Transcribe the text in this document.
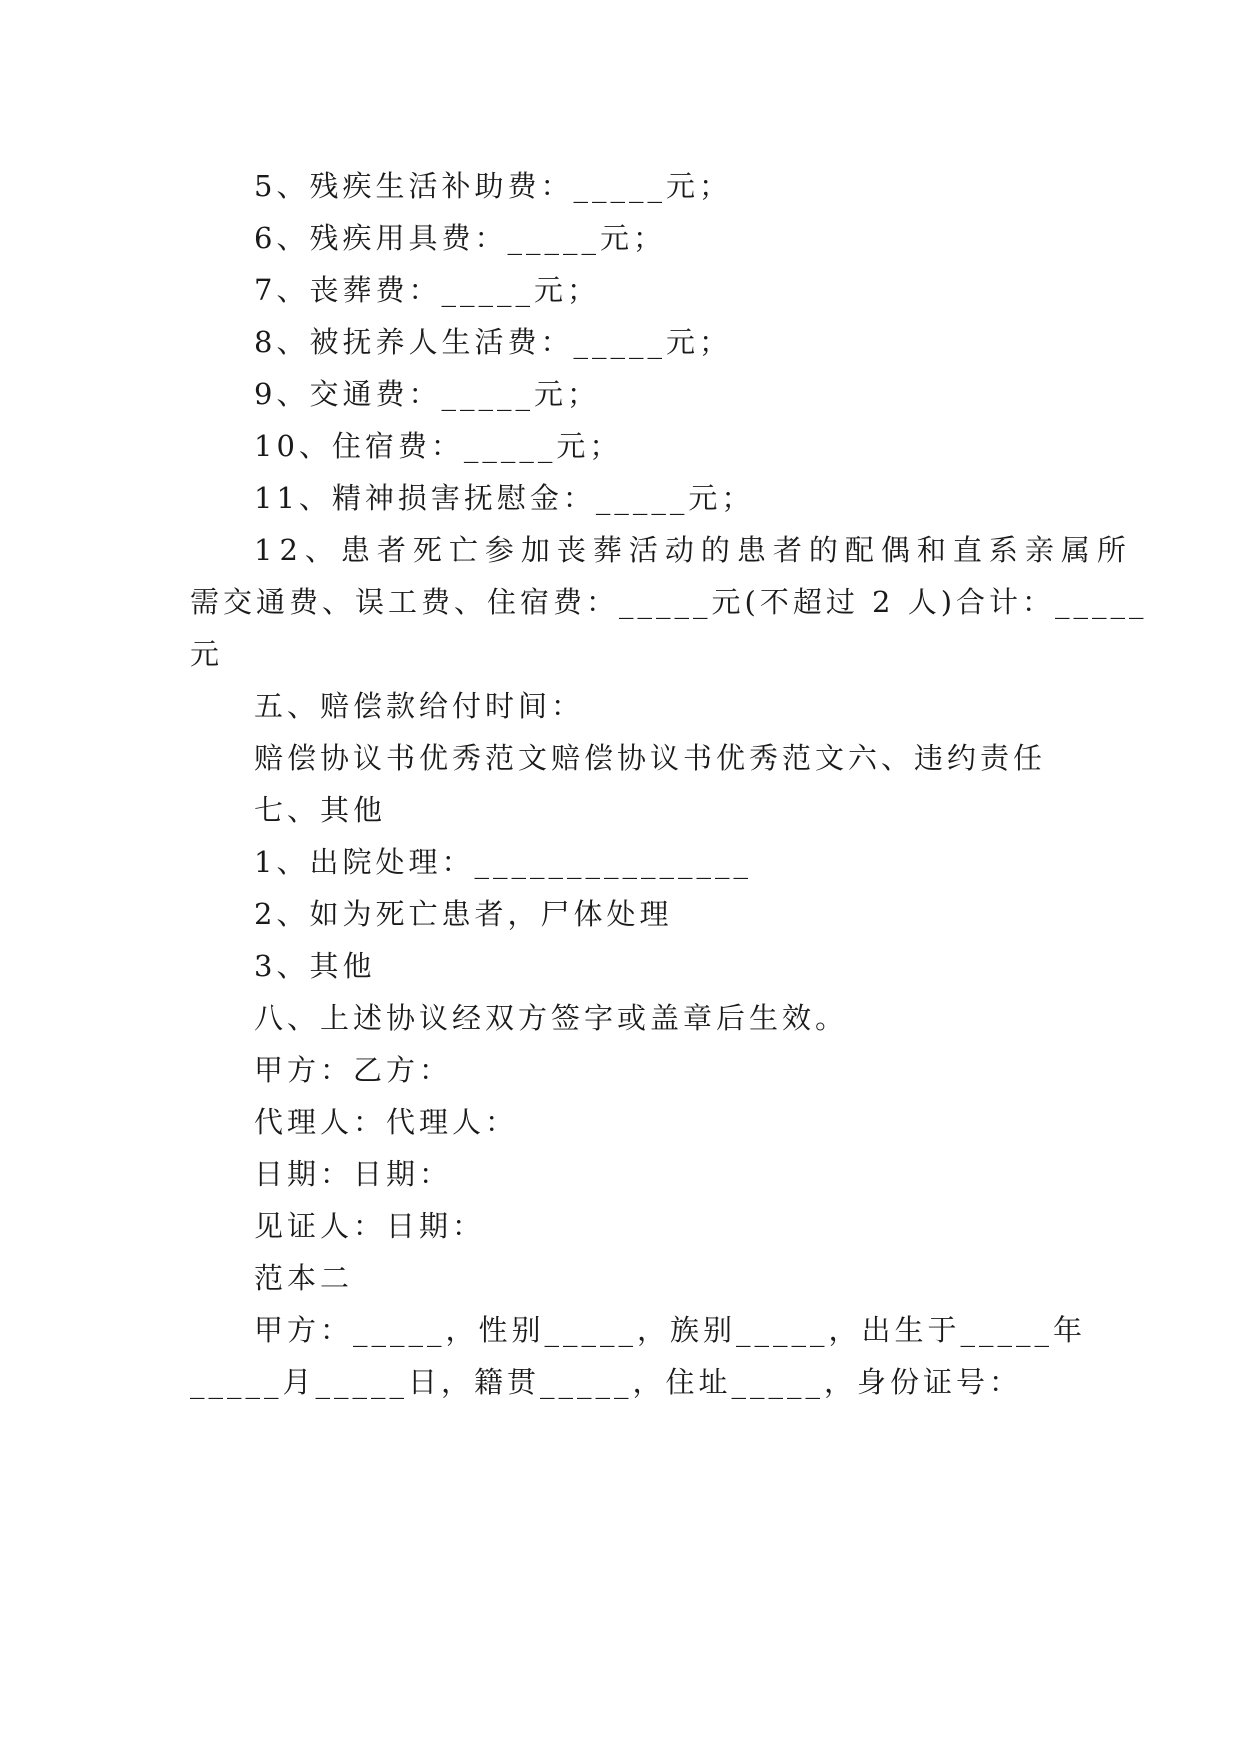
5、残疾生活补助费：_____元；
6、残疾用具费：_____元；
7、丧葬费：_____元；
8、被抚养人生活费：_____元；
9、交通费：_____元；
10、住宿费：_____元；
11、精神损害抚慰金：_____元；
12、患者死亡参加丧葬活动的患者的配偶和直系亲属所
需交通费、误工费、住宿费：_____元(不超过 2 人)合计：_____
元
五、赔偿款给付时间：
赔偿协议书优秀范文赔偿协议书优秀范文六、违约责任
七、其他
1、出院处理：_______________
2、如为死亡患者，尸体处理
3、其他
八、上述协议经双方签字或盖章后生效。
甲方：乙方：
代理人：代理人：
日期：日期：
见证人：日期：
范本二
甲方：_____，性别_____，族别_____，出生于_____年
_____月_____日，籍贯_____，住址_____，身份证号：
